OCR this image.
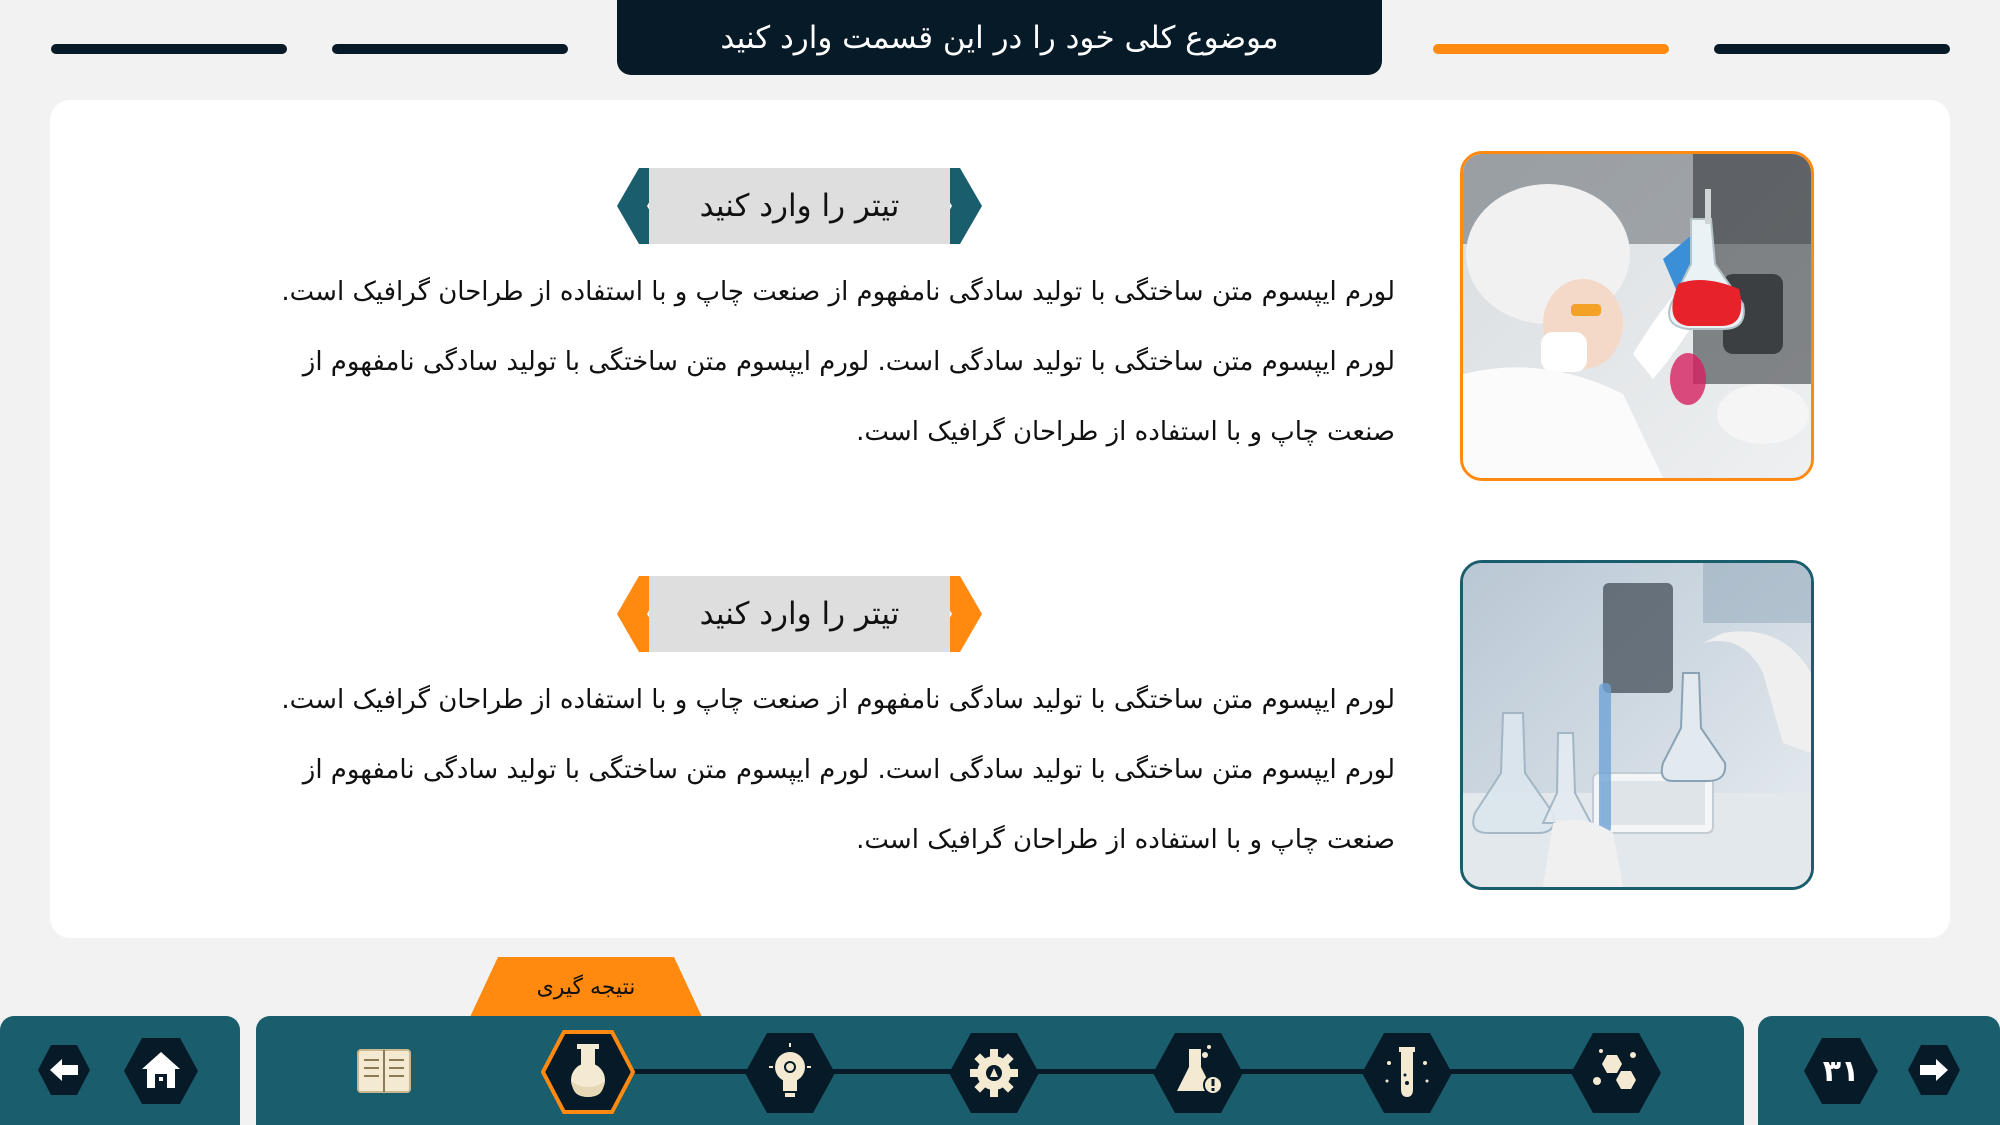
موضوع کلی خود را در این قسمت وارد کنید
تیتر را وارد کنید
لورم ایپسوم متن ساختگی با تولید سادگی نامفهوم از صنعت چاپ و با استفاده از طراحان گرافیک است.
لورم ایپسوم متن ساختگی با تولید سادگی است. لورم ایپسوم متن ساختگی با تولید سادگی نامفهوم از
صنعت چاپ و با استفاده از طراحان گرافیک است.
تیتر را وارد کنید
لورم ایپسوم متن ساختگی با تولید سادگی نامفهوم از صنعت چاپ و با استفاده از طراحان گرافیک است.
لورم ایپسوم متن ساختگی با تولید سادگی است. لورم ایپسوم متن ساختگی با تولید سادگی نامفهوم از
صنعت چاپ و با استفاده از طراحان گرافیک است.
نتیجه گیری
۳۱
